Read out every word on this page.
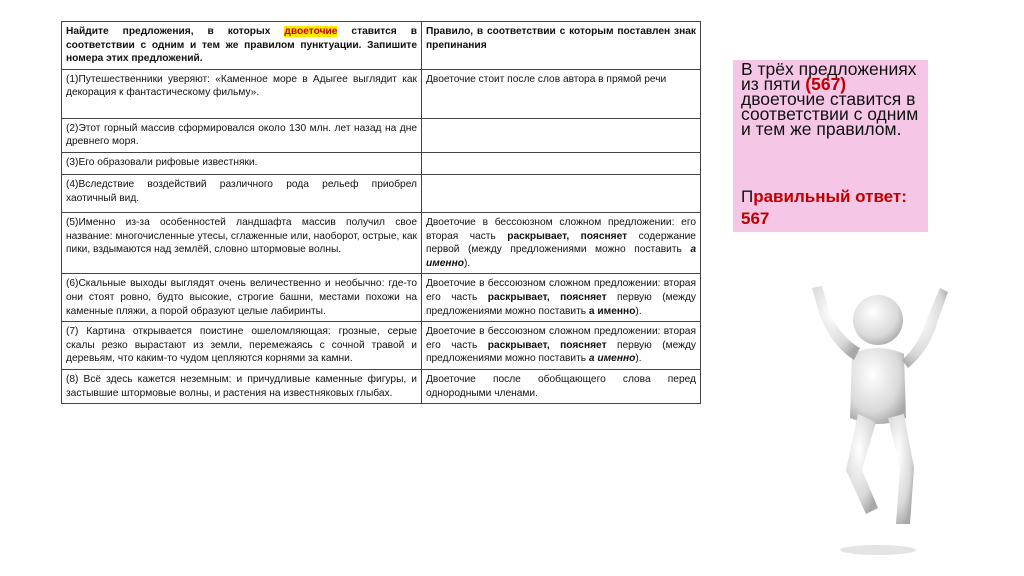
Найдите предложения, в которых двоеточие ставится в соответствии с одним и тем же правилом пунктуации. Запишите номера этих предложений.	Правило, в соответствии с которым поставлен знак препинания
(1)Путешественники уверяют: «Каменное море в Адыгее выглядит как декорация к фантастическому фильму».	Двоеточие стоит после слов автора в прямой речи
(2)Этот горный массив сформировался около 130 млн. лет назад на дне древнего моря.	
(3)Его образовали рифовые известняки.	
(4)Вследствие воздействий различного рода рельеф приобрел хаотичный вид.	
(5)Именно из-за особенностей ландшафта массив получил свое название: многочисленные утесы, сглаженные или, наоборот, острые, как пики, вздымаются над землёй, словно штормовые волны.	Двоеточие в бессоюзном сложном предложении: его вторая часть раскрывает, поясняет содержание первой (между предложениями можно поставить а именно).
(6)Скальные выходы выглядят очень величественно и необычно: где-то они стоят ровно, будто высокие, строгие башни, местами похожи на каменные пляжи, а порой образуют целые лабиринты.	Двоеточие в бессоюзном сложном предложении: вторая его часть раскрывает, поясняет первую (между предложениями можно поставить а именно).
(7) Картина открывается поистине ошеломляющая: грозные, серые скалы резко вырастают из земли, перемежаясь с сочной травой и деревьям, что каким-то чудом цепляются корнями за камни.	Двоеточие в бессоюзном сложном предложении: вторая его часть раскрывает, поясняет первую (между предложениями можно поставить а именно).
(8) Всё здесь кажется неземным: и причудливые каменные фигуры, и застывшие штормовые волны, и растения на известняковых глыбах.	Двоеточие после обобщающего слова перед однородными членами.
В трёх предложениях из пяти (567) двоеточие ставится в соответствии с одним и тем же правилом.
Правильный ответ: 567
